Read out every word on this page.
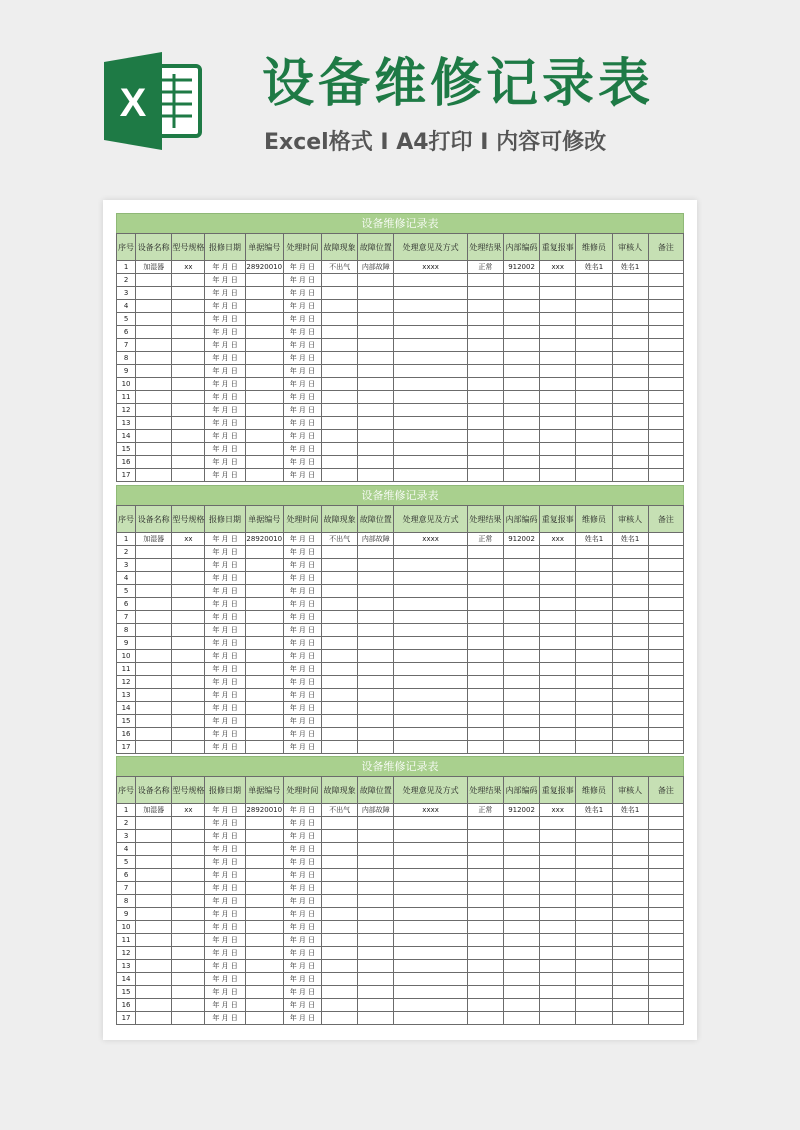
X 设备维修记录表
Excel格式 I A4打印 I 内容可修改
设备维修记录表
序号	设备名称	型号规格	报修日期	单据编号	处理时间	故障现象	故障位置	处理意见及方式	处理结果	内部编码	重复报事	维修员	审核人	备注
1	加湿器	xx	年 月 日	28920010	年 月 日	不出气	内部故障	xxxx	正常	912002	xxx	姓名1	姓名1	
2			年 月 日		年 月 日									
3			年 月 日		年 月 日									
4			年 月 日		年 月 日									
5			年 月 日		年 月 日									
6			年 月 日		年 月 日									
7			年 月 日		年 月 日									
8			年 月 日		年 月 日									
9			年 月 日		年 月 日									
10			年 月 日		年 月 日									
11			年 月 日		年 月 日									
12			年 月 日		年 月 日									
13			年 月 日		年 月 日									
14			年 月 日		年 月 日									
15			年 月 日		年 月 日									
16			年 月 日		年 月 日									
17			年 月 日		年 月 日									
设备维修记录表
序号	设备名称	型号规格	报修日期	单据编号	处理时间	故障现象	故障位置	处理意见及方式	处理结果	内部编码	重复报事	维修员	审核人	备注
1	加湿器	xx	年 月 日	28920010	年 月 日	不出气	内部故障	xxxx	正常	912002	xxx	姓名1	姓名1	
2			年 月 日		年 月 日									
3			年 月 日		年 月 日									
4			年 月 日		年 月 日									
5			年 月 日		年 月 日									
6			年 月 日		年 月 日									
7			年 月 日		年 月 日									
8			年 月 日		年 月 日									
9			年 月 日		年 月 日									
10			年 月 日		年 月 日									
11			年 月 日		年 月 日									
12			年 月 日		年 月 日									
13			年 月 日		年 月 日									
14			年 月 日		年 月 日									
15			年 月 日		年 月 日									
16			年 月 日		年 月 日									
17			年 月 日		年 月 日									
设备维修记录表
序号	设备名称	型号规格	报修日期	单据编号	处理时间	故障现象	故障位置	处理意见及方式	处理结果	内部编码	重复报事	维修员	审核人	备注
1	加湿器	xx	年 月 日	28920010	年 月 日	不出气	内部故障	xxxx	正常	912002	xxx	姓名1	姓名1	
2			年 月 日		年 月 日									
3			年 月 日		年 月 日									
4			年 月 日		年 月 日									
5			年 月 日		年 月 日									
6			年 月 日		年 月 日									
7			年 月 日		年 月 日									
8			年 月 日		年 月 日									
9			年 月 日		年 月 日									
10			年 月 日		年 月 日									
11			年 月 日		年 月 日									
12			年 月 日		年 月 日									
13			年 月 日		年 月 日									
14			年 月 日		年 月 日									
15			年 月 日		年 月 日									
16			年 月 日		年 月 日									
17			年 月 日		年 月 日									
